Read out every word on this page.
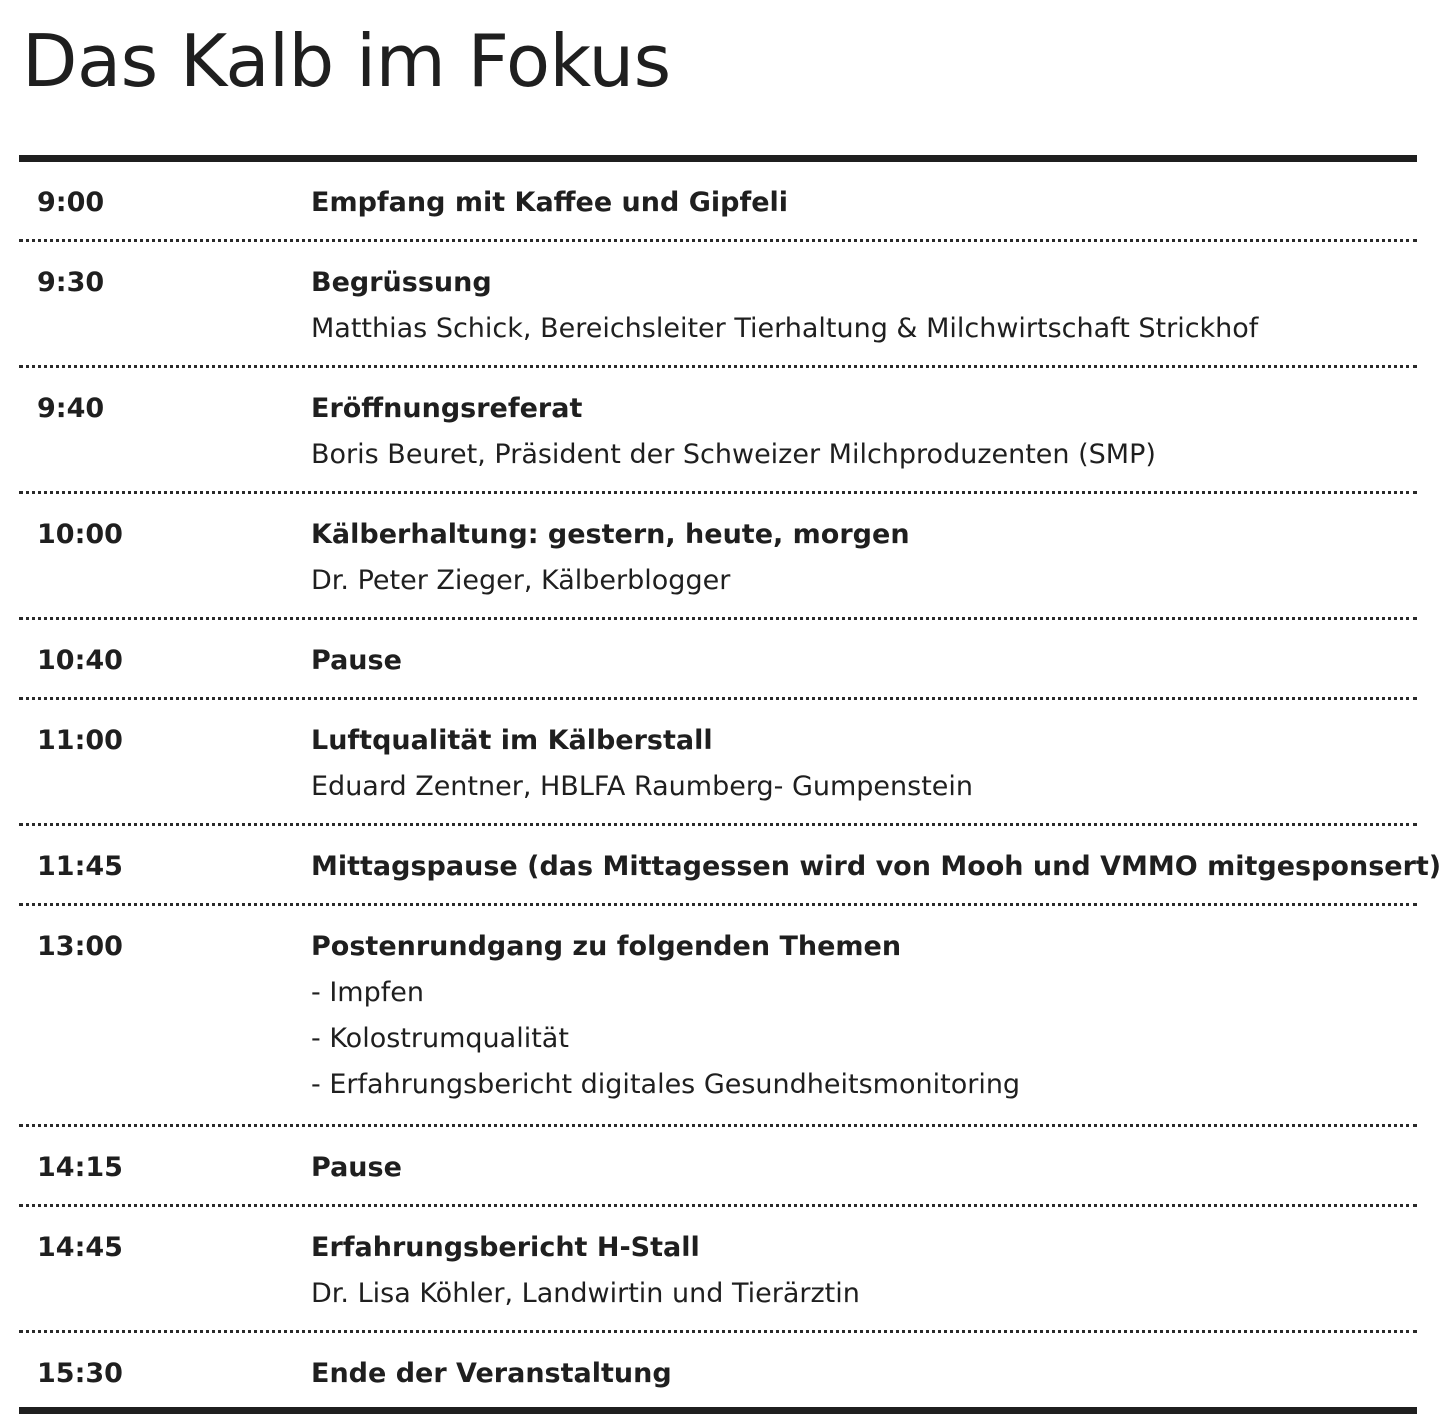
Das Kalb im Fokus
9:00	Empfang mit Kaffee und Gipfeli
9:30	Begrüssung
Matthias Schick, Bereichsleiter Tierhaltung & Milchwirtschaft Strickhof
9:40	Eröffnungsreferat
Boris Beuret, Präsident der Schweizer Milchproduzenten (SMP)
10:00	Kälberhaltung: gestern, heute, morgen
Dr. Peter Zieger, Kälberblogger
10:40	Pause
11:00	Luftqualität im Kälberstall
Eduard Zentner, HBLFA Raumberg- Gumpenstein
11:45	Mittagspause (das Mittagessen wird von Mooh und VMMO mitgesponsert)
13:00	Postenrundgang zu folgenden Themen
- Impfen
- Kolostrumqualität
- Erfahrungsbericht digitales Gesundheitsmonitoring
14:15	Pause
14:45	Erfahrungsbericht H-Stall
Dr. Lisa Köhler, Landwirtin und Tierärztin
15:30	Ende der Veranstaltung
